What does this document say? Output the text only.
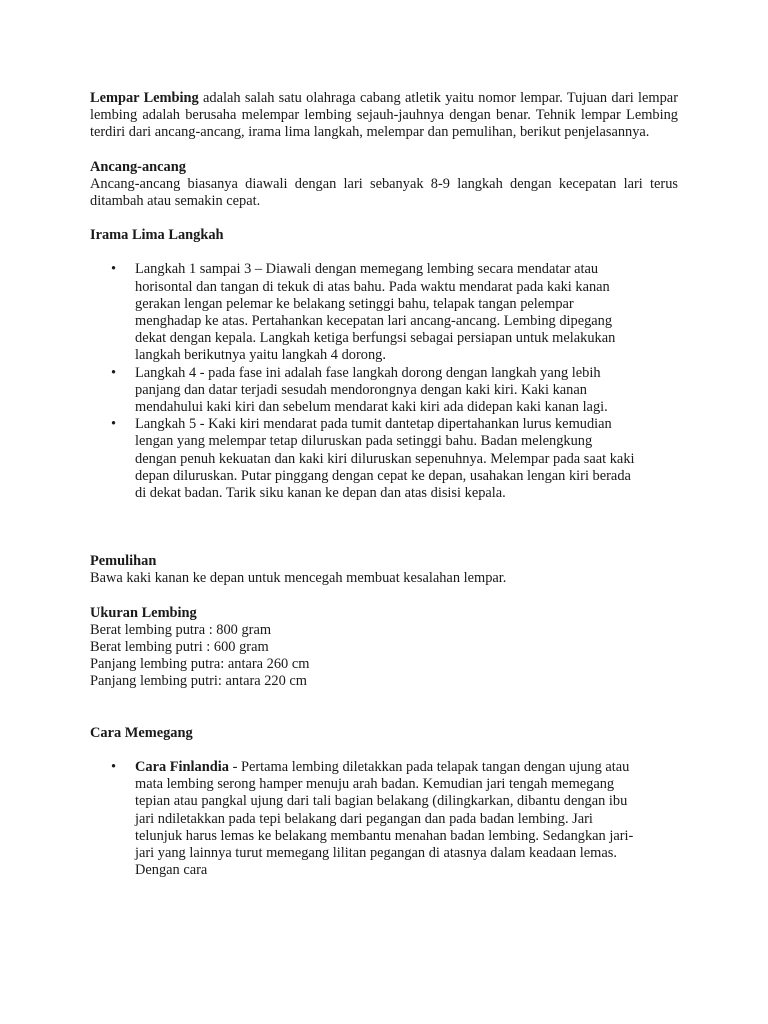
Lempar Lembing adalah salah satu olahraga cabang atletik yaitu nomor lempar. Tujuan dari lempar lembing adalah berusaha melempar lembing sejauh-jauhnya dengan benar. Tehnik lempar Lembing terdiri dari ancang-ancang, irama lima langkah, melempar dan pemulihan, berikut penjelasannya.

Ancang-ancang

Ancang-ancang biasanya diawali dengan lari sebanyak 8-9 langkah dengan kecepatan lari terus ditambah atau semakin cepat.

Irama Lima Langkah

• Langkah 1 sampai 3 – Diawali dengan memegang lembing secara mendatar atau horisontal dan tangan di tekuk di atas bahu. Pada waktu mendarat pada kaki kanan gerakan lengan pelemar ke belakang setinggi bahu, telapak tangan pelempar menghadap ke atas. Pertahankan kecepatan lari ancang-ancang. Lembing dipegang dekat dengan kepala. Langkah ketiga berfungsi sebagai persiapan untuk melakukan langkah berikutnya yaitu langkah 4 dorong.
• Langkah 4 - pada fase ini adalah fase langkah dorong dengan langkah yang lebih panjang dan datar terjadi sesudah mendorongnya dengan kaki kiri. Kaki kanan mendahului kaki kiri dan sebelum mendarat kaki kiri ada didepan kaki kanan lagi.
• Langkah 5 - Kaki kiri mendarat pada tumit dantetap dipertahankan lurus kemudian lengan yang melempar tetap diluruskan pada setinggi bahu. Badan melengkung dengan penuh kekuatan dan kaki kiri diluruskan sepenuhnya. Melempar pada saat kaki depan diluruskan. Putar pinggang dengan cepat ke depan, usahakan lengan kiri berada di dekat badan. Tarik siku kanan ke depan dan atas disisi kepala.

Pemulihan

Bawa kaki kanan ke depan untuk mencegah membuat kesalahan lempar.

Ukuran Lembing

Berat lembing putra : 800 gram

Berat lembing putri : 600 gram

Panjang lembing putra: antara 260 cm

Panjang lembing putri: antara 220 cm

Cara Memegang

• Cara Finlandia - Pertama lembing diletakkan pada telapak tangan dengan ujung atau mata lembing serong hamper menuju arah badan. Kemudian jari tengah memegang tepian atau pangkal ujung dari tali bagian belakang (dilingkarkan, dibantu dengan ibu jari ndiletakkan pada tepi belakang dari pegangan dan pada badan lembing. Jari telunjuk harus lemas ke belakang membantu menahan badan lembing. Sedangkan jari-jari yang lainnya turut memegang lilitan pegangan di atasnya dalam keadaan lemas. Dengan cara
